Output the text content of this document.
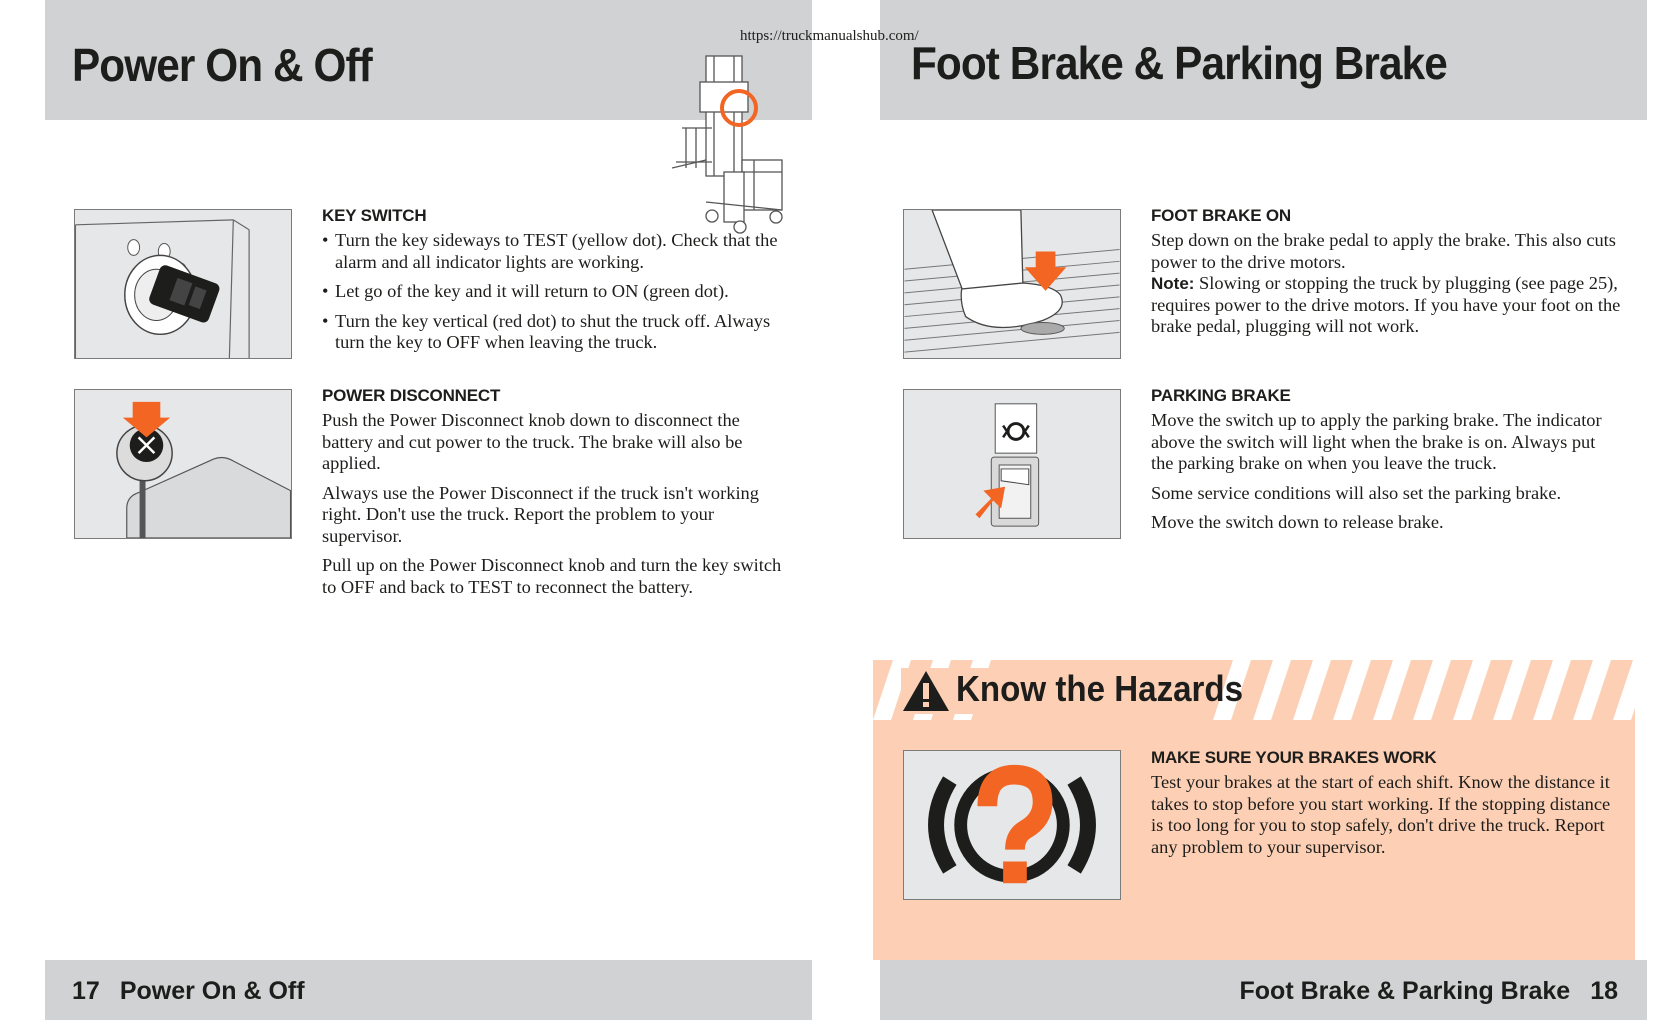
Power On & Off	Foot Brake & Parking Brake
https://truckmanualshub.com/
KEY SWITCH
• Turn the key sideways to TEST (yellow dot). Check that the alarm and all indicator lights are working.
• Let go of the key and it will return to ON (green dot).
• Turn the key vertical (red dot) to shut the truck off. Always turn the key to OFF when leaving the truck.
POWER DISCONNECT
Push the Power Disconnect knob down to disconnect the battery and cut power to the truck. The brake will also be applied.
Always use the Power Disconnect if the truck isn't working right. Don't use the truck. Report the problem to your supervisor.
Pull up on the Power Disconnect knob and turn the key switch to OFF and back to TEST to reconnect the battery.
FOOT BRAKE ON
Step down on the brake pedal to apply the brake. This also cuts power to the drive motors.
Note: Slowing or stopping the truck by plugging (see page 25), requires power to the drive motors. If you have your foot on the brake pedal, plugging will not work.
PARKING BRAKE
Move the switch up to apply the parking brake. The indicator above the switch will light when the brake is on. Always put the parking brake on when you leave the truck.
Some service conditions will also set the parking brake.
Move the switch down to release brake.
Know the Hazards
MAKE SURE YOUR BRAKES WORK
Test your brakes at the start of each shift. Know the distance it takes to stop before you start working. If the stopping distance is too long for you to stop safely, don't drive the truck. Report any problem to your supervisor.
17 Power On & Off	Foot Brake & Parking Brake 18
